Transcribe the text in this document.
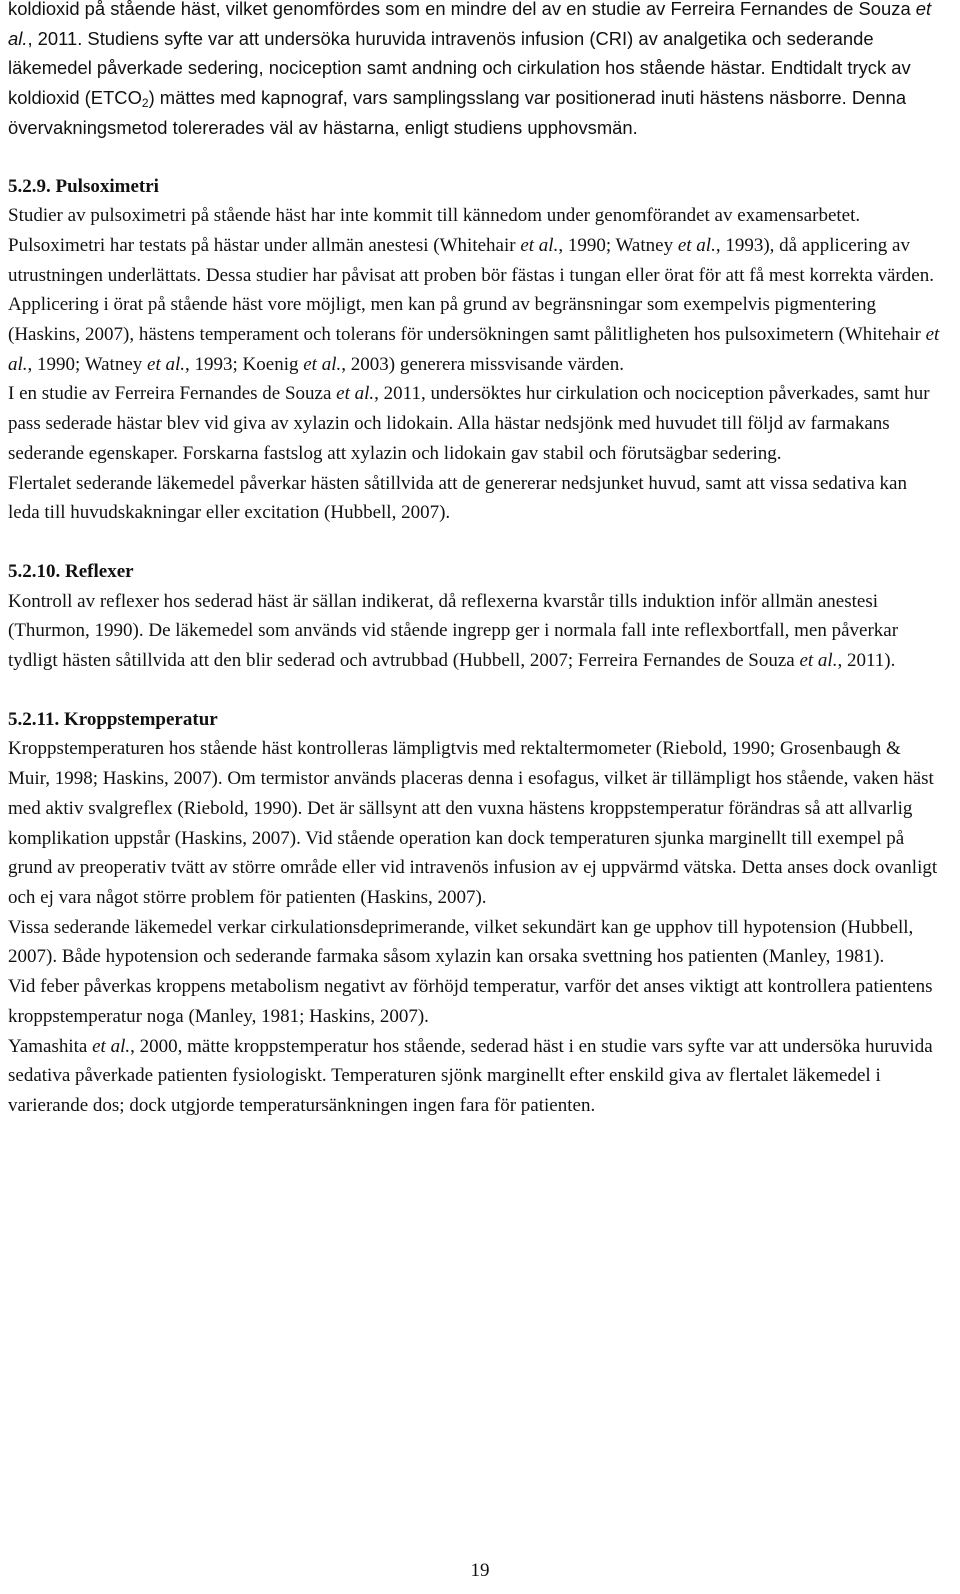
koldioxid på stående häst, vilket genomfördes som en mindre del av en studie av Ferreira Fernandes de Souza et al., 2011. Studiens syfte var att undersöka huruvida intravenös infusion (CRI) av analgetika och sederande läkemedel påverkade sedering, nociception samt andning och cirkulation hos stående hästar. Endtidalt tryck av koldioxid $(ETCO_2)$ mättes med kapnograf, vars samplingsslang var positionerad inuti hästens näsborre. Denna övervakningsmetod tolererades väl av hästarna, enligt studiens upphovsmän.

5.2.9. Pulsoximetri

Studier av pulsoximetri på stående häst har inte kommit till kännedom under genomförandet av examensarbetet. Pulsoximetri har testats på hästar under allmän anestesi (Whitehair et al., 1990; Watney et al., 1993), då applicering av utrustningen underlättats. Dessa studier har påvisat att proben bör fästas i tungan eller örat för att få mest korrekta värden. Applicering i örat på stående häst vore möjligt, men kan på grund av begränsningar som exempelvis pigmentering (Haskins, 2007), hästens temperament och tolerans för undersökningen samt pålitligheten hos pulsoximetern (Whitehair et al., 1990; Watney et al., 1993; Koenig et al., 2003) generera missvisande värden.

I en studie av Ferreira Fernandes de Souza et al., 2011, undersöktes hur cirkulation och nociception påverkades, samt hur pass sederade hästar blev vid giva av xylazin och lidokain. Alla hästar nedsjönk med huvudet till följd av farmakans sederande egenskaper. Forskarna fastslog att xylazin och lidokain gav stabil och förutsägbar sedering.

Flertalet sederande läkemedel påverkar hästen såtillvida att de genererar nedsjunket huvud, samt att vissa sedativa kan leda till huvudskakningar eller excitation (Hubbell, 2007).

5.2.10. Reflexer

Kontroll av reflexer hos sederad häst är sällan indikerat, då reflexerna kvarstår tills induktion inför allmän anestesi (Thurmon, 1990). De läkemedel som används vid stående ingrepp ger i normala fall inte reflexbortfall, men påverkar tydligt hästen såtillvida att den blir sederad och avtrubbad (Hubbell, 2007; Ferreira Fernandes de Souza et al., 2011).

5.2.11. Kroppstemperatur

Kroppstemperaturen hos stående häst kontrolleras lämpligtvis med rektaltermometer (Riebold, 1990; Grosenbaugh & Muir, 1998; Haskins, 2007). Om termistor används placeras denna i esofagus, vilket är tillämpligt hos stående, vaken häst med aktiv svalgreflex (Riebold, 1990). Det är sällsynt att den vuxna hästens kroppstemperatur förändras så att allvarlig komplikation uppstår (Haskins, 2007). Vid stående operation kan dock temperaturen sjunka marginellt till exempel på grund av preoperativ tvätt av större område eller vid intravenös infusion av ej uppvärmd vätska. Detta anses dock ovanligt och ej vara något större problem för patienten (Haskins, 2007).

Vissa sederande läkemedel verkar cirkulationsdeprimerande, vilket sekundärt kan ge upphov till hypotension (Hubbell, 2007). Både hypotension och sederande farmaka såsom xylazin kan orsaka svettning hos patienten (Manley, 1981).

Vid feber påverkas kroppens metabolism negativt av förhöjd temperatur, varför det anses viktigt att kontrollera patientens kroppstemperatur noga (Manley, 1981; Haskins, 2007).

Yamashita et al., 2000, mätte kroppstemperatur hos stående, sederad häst i en studie vars syfte var att undersöka huruvida sedativa påverkade patienten fysiologiskt. Temperaturen sjönk marginellt efter enskild giva av flertalet läkemedel i varierande dos; dock utgjorde temperatursänkningen ingen fara för patienten.

19
